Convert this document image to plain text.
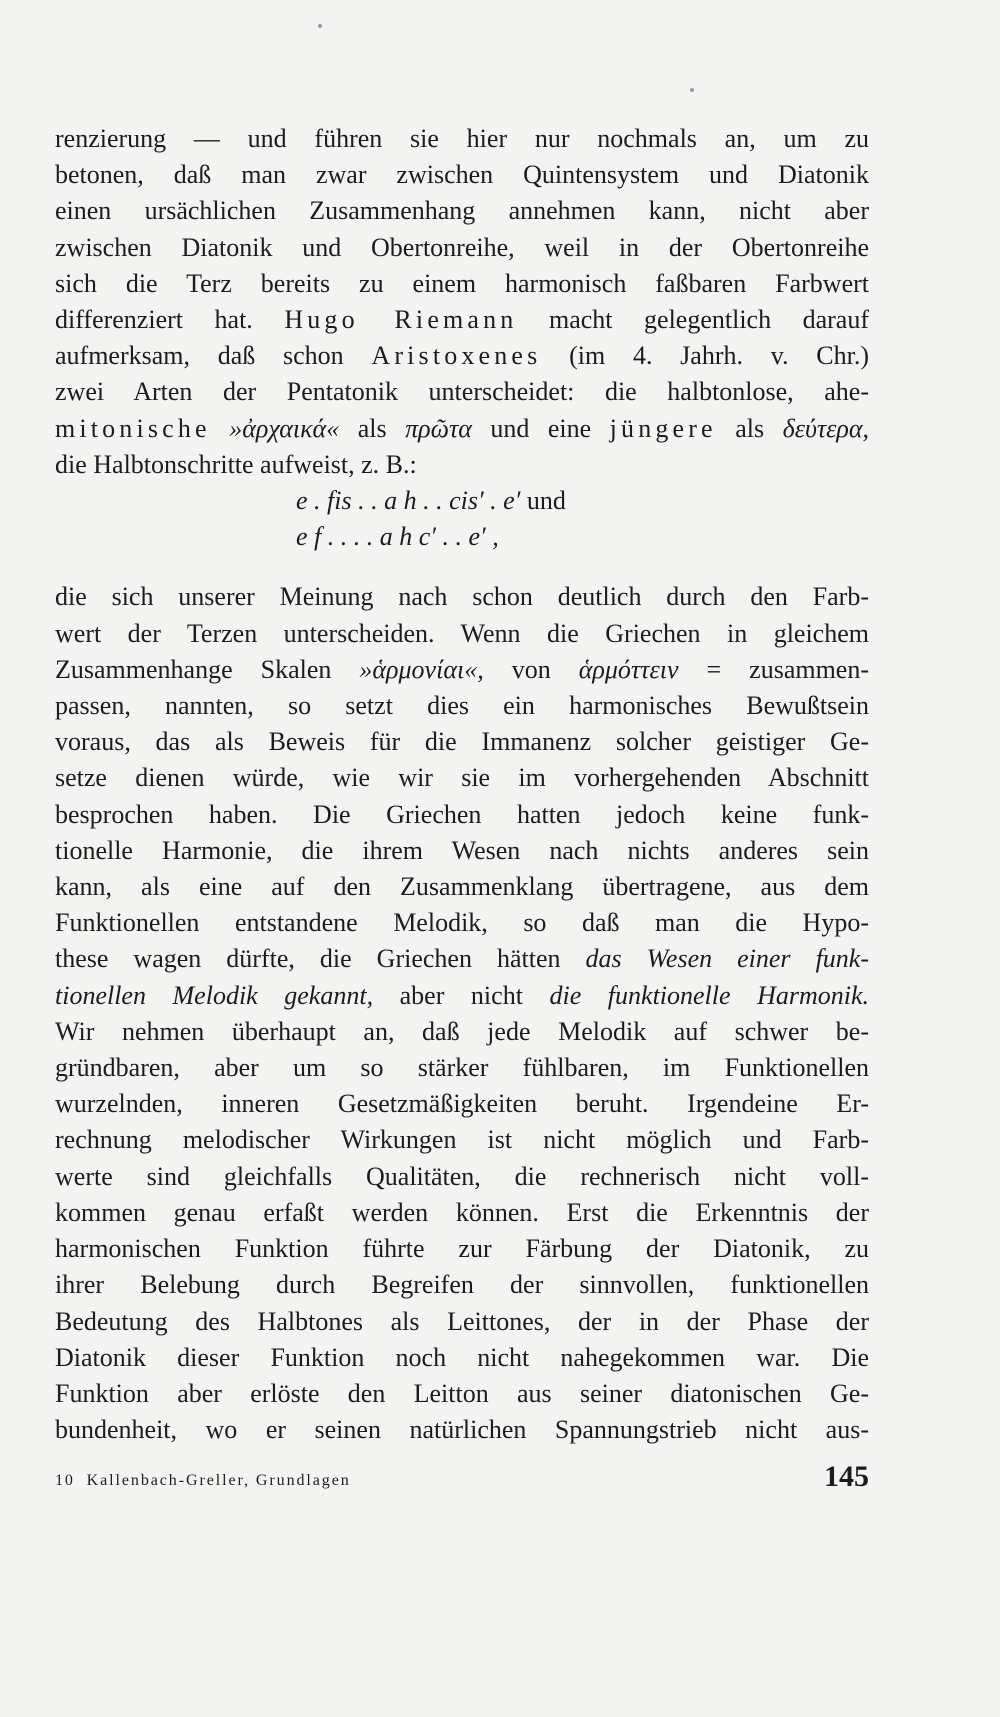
renzierung — und führen sie hier nur nochmals an, um zu
betonen, daß man zwar zwischen Quintensystem und Diatonik
einen ursächlichen Zusammenhang annehmen kann, nicht aber
zwischen Diatonik und Obertonreihe, weil in der Obertonreihe
sich die Terz bereits zu einem harmonisch faßbaren Farbwert
differenziert hat. Hugo Riemann macht gelegentlich darauf
aufmerksam, daß schon Aristoxenes (im 4. Jahrh. v. Chr.)
zwei Arten der Pentatonik unterscheidet: die halbtonlose, ahe-
mitonische »ἀρχαικά« als πρῶτα und eine jüngere als δεύτερα,

die Halbtonschritte aufweist, z. B.:

e . fis . . a h . . cis′ . e′ und
e f . . . . a h c′ . . e′ ,

die sich unserer Meinung nach schon deutlich durch den Farb-
wert der Terzen unterscheiden. Wenn die Griechen in gleichem
Zusammenhange Skalen »ἁρμονίαι«, von ἁρμόττειν = zusammen-
passen, nannten, so setzt dies ein harmonisches Bewußtsein
voraus, das als Beweis für die Immanenz solcher geistiger Ge-
setze dienen würde, wie wir sie im vorhergehenden Abschnitt
besprochen haben. Die Griechen hatten jedoch keine funk-
tionelle Harmonie, die ihrem Wesen nach nichts anderes sein
kann, als eine auf den Zusammenklang übertragene, aus dem
Funktionellen entstandene Melodik, so daß man die Hypo-
these wagen dürfte, die Griechen hätten das Wesen einer funk-
tionellen Melodik gekannt, aber nicht die funktionelle Harmonik.
Wir nehmen überhaupt an, daß jede Melodik auf schwer be-
gründbaren, aber um so stärker fühlbaren, im Funktionellen
wurzelnden, inneren Gesetzmäßigkeiten beruht. Irgendeine Er-
rechnung melodischer Wirkungen ist nicht möglich und Farb-
werte sind gleichfalls Qualitäten, die rechnerisch nicht voll-
kommen genau erfaßt werden können. Erst die Erkenntnis der
harmonischen Funktion führte zur Färbung der Diatonik, zu
ihrer Belebung durch Begreifen der sinnvollen, funktionellen
Bedeutung des Halbtones als Leittones, der in der Phase der
Diatonik dieser Funktion noch nicht nahegekommen war. Die
Funktion aber erlöste den Leitton aus seiner diatonischen Ge-
bundenheit, wo er seinen natürlichen Spannungstrieb nicht aus-

10  Kallenbach-Greller, Grundlagen	145
